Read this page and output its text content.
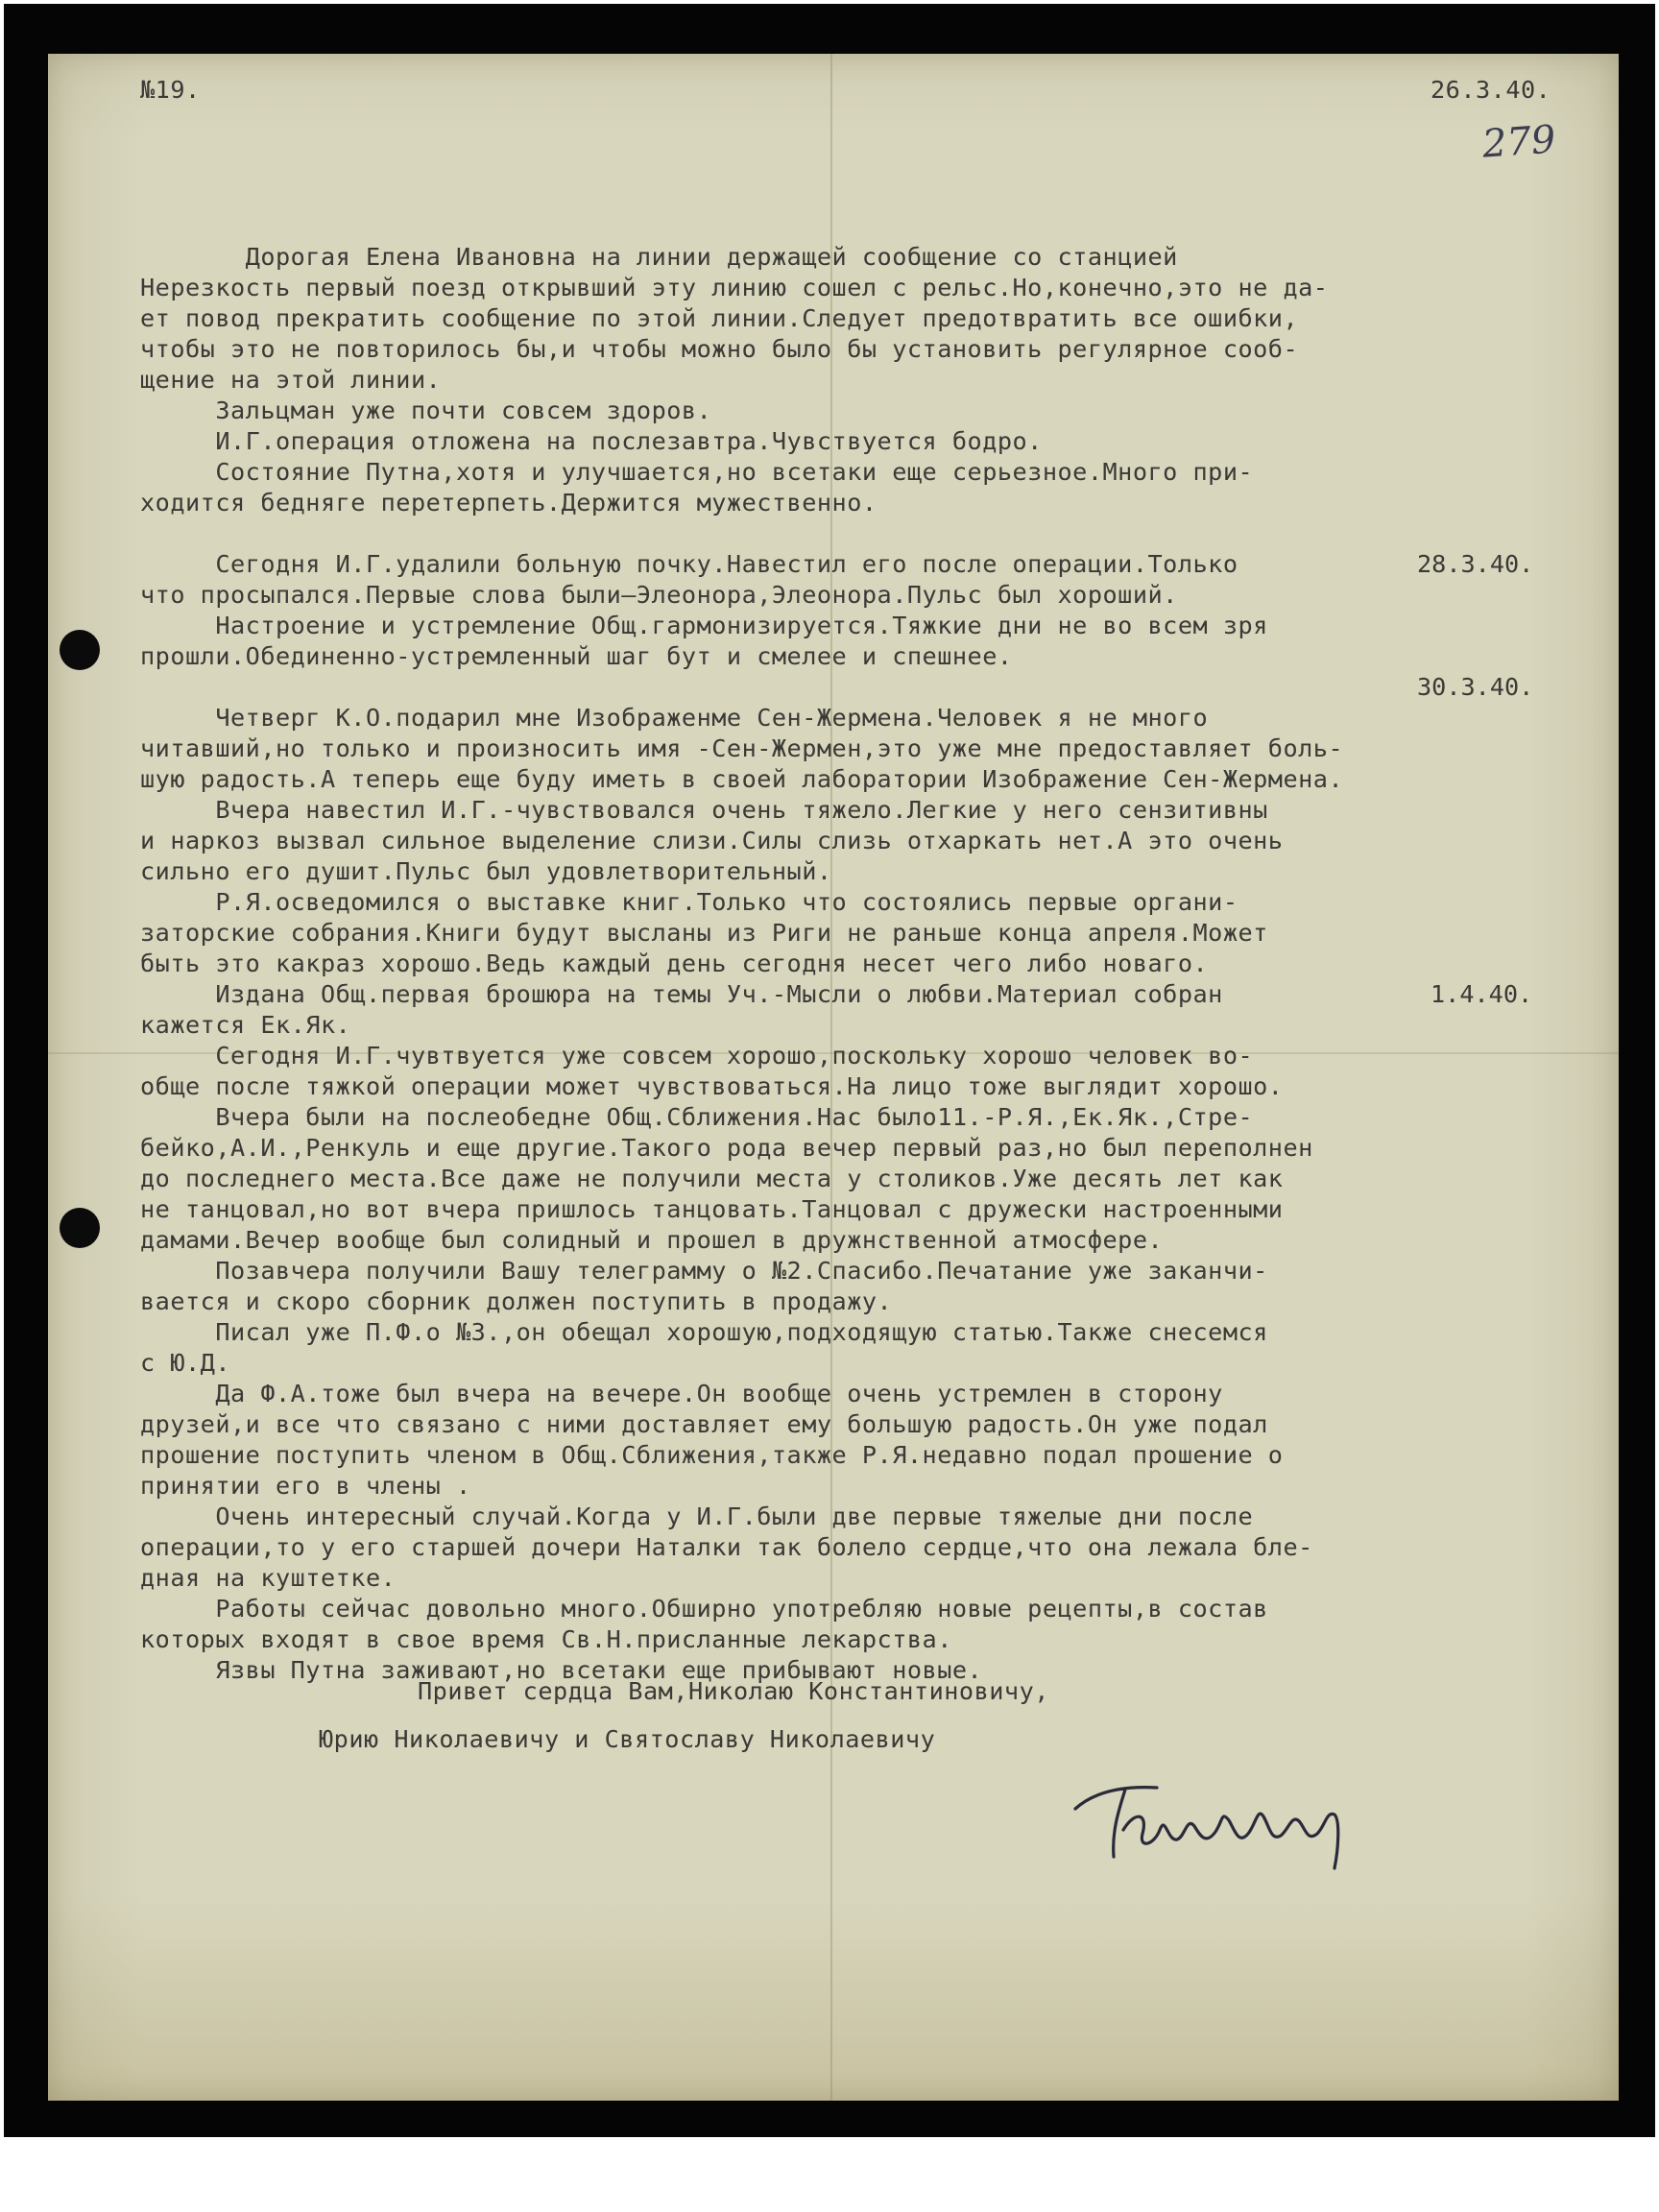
№19.	26.3.40.
279
Дорогая Елена Ивановна на линии держащей сообщение со станцией
Нерезкость первый поезд открывший эту линию сошел с рельс.Но,конечно,это не да-
ет повод прекратить сообщение по этой линии.Следует предотвратить все ошибки,
чтобы это не повторилось бы,и чтобы можно было бы установить регулярное сооб-
щение на этой линии.
Зальцман уже почти совсем здоров.
И.Г.операция отложена на послезавтра.Чувствуется бодро.
Состояние Путна,хотя и улучшается,но всетаки еще серьезное.Много при-
ходится бедняге перетерпеть.Держится мужественно.
Сегодня И.Г.удалили больную почку.Навестил его после операции.Только
что просыпался.Первые слова были—Элеонора,Элеонора.Пульс был хороший.
Настроение и устремление Общ.гармонизируется.Тяжкие дни не во всем зря
прошли.Обединенно-устремленный шаг бут и смелее и спешнее.
Четверг К.О.подарил мне Изображенме Сен-Жермена.Человек я не много
читавший,но только и произносить имя -Сен-Жермен,это уже мне предоставляет боль-
шую радость.А теперь еще буду иметь в своей лаборатории Изображение Сен-Жермена.
Вчера навестил И.Г.-чувствовался очень тяжело.Легкие у него сензитивны
и наркоз вызвал сильное выделение слизи.Силы слизь отхаркать нет.А это очень
сильно его душит.Пульс был удовлетворительный.
Р.Я.осведомился о выставке книг.Только что состоялись первые органи-
заторские собрания.Книги будут высланы из Риги не раньше конца апреля.Может
быть это какраз хорошо.Ведь каждый день сегодня несет чего либо новаго.
Издана Общ.первая брошюра на темы Уч.-Мысли о любви.Материал собран
кажется Ек.Як.
Сегодня И.Г.чувтвуется уже совсем хорошо,поскольку хорошо человек во-
обще после тяжкой операции может чувствоваться.На лицо тоже выглядит хорошо.
Вчера были на послеобедне Общ.Сближения.Нас было11.-Р.Я.,Ек.Як.,Стре-
бейко,А.И.,Ренкуль и еще другие.Такого рода вечер первый раз,но был переполнен
до последнего места.Все даже не получили места у столиков.Уже десять лет как
не танцовал,но вот вчера пришлось танцовать.Танцовал с дружески настроенными
дамами.Вечер вообще был солидный и прошел в дружнственной атмосфере.
Позавчера получили Вашу телеграмму о №2.Спасибо.Печатание уже заканчи-
вается и скоро сборник должен поступить в продажу.
Писал уже П.Ф.о №3.,он обещал хорошую,подходящую статью.Также снесемся
с Ю.Д.
Да Ф.А.тоже был вчера на вечере.Он вообще очень устремлен в сторону
друзей,и все что связано с ними доставляет ему большую радость.Он уже подал
прошение поступить членом в Общ.Сближения,также Р.Я.недавно подал прошение о
принятии его в члены .
Очень интересный случай.Когда у И.Г.были две первые тяжелые дни после
операции,то у его старшей дочери Наталки так болело сердце,что она лежала бле-
дная на куштетке.
Работы сейчас довольно много.Обширно употребляю новые рецепты,в состав
которых входят в свое время Св.Н.присланные лекарства.
Язвы Путна заживают,но всетаки еще прибывают новые.
28.3.40.
30.3.40.
1.4.40.
Привет сердца Вам,Николаю Константиновичу,
Юрию Николаевичу и Святославу Николаевичу
